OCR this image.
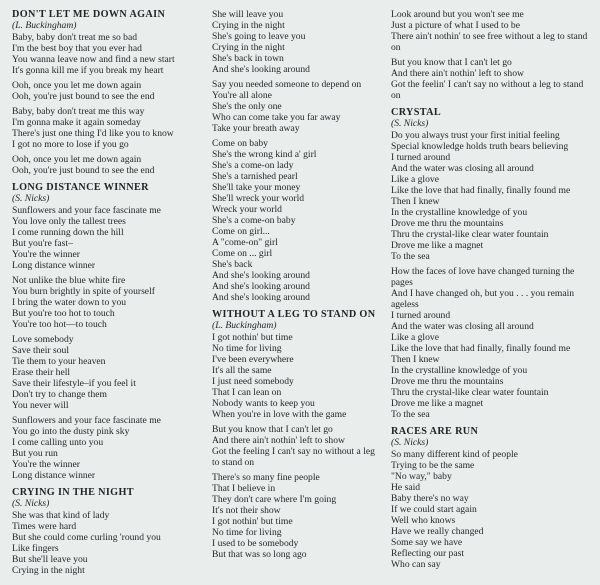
DON'T LET ME DOWN AGAIN
(L. Buckingham)
Baby, baby don't treat me so bad
I'm the best boy that you ever had
You wanna leave now and find a new start
It's gonna kill me if you break my heart
Ooh, once you let me down again
Ooh, you're just bound to see the end
Baby, baby don't treat me this way
I'm gonna make it again someday
There's just one thing I'd like you to know
I got no more to lose if you go
Ooh, once you let me down again
Ooh, you're just bound to see the end
LONG DISTANCE WINNER
(S. Nicks)
Sunflowers and your face fascinate me
You love only the tallest trees
I come running down the hill
But you're fast–
You're the winner
Long distance winner
Not unlike the blue white fire
You burn brightly in spite of yourself
I bring the water down to you
But you're too hot to touch
You're too hot—to touch
Love somebody
Save their soul
Tie them to your heaven
Erase their hell
Save their lifestyle–if you feel it
Don't try to change them
You never will
Sunflowers and your face fascinate me
You go into the dusty pink sky
I come calling unto you
But you run
You're the winner
Long distance winner
CRYING IN THE NIGHT
(S. Nicks)
She was that kind of lady
Times were hard
But she could come curling 'round you
Like fingers
But she'll leave you
Crying in the night
She will leave you
Crying in the night
She's going to leave you
Crying in the night
She's back in town
And she's looking around
Say you needed someone to depend on
You're all alone
She's the only one
Who can come take you far away
Take your breath away
Come on baby
She's the wrong kind a' girl
She's a come-on lady
She's a tarnished pearl
She'll take your money
She'll wreck your world
Wreck your world
She's a come-on baby
Come on girl...
A "come-on" girl
Come on ... girl
She's back
And she's looking around
And she's looking around
And she's looking around
WITHOUT A LEG TO STAND ON
(L. Buckingham)
I got nothin' but time
No time for living
I've been everywhere
It's all the same
I just need somebody
That I can lean on
Nobody wants to keep you
When you're in love with the game
But you know that I can't let go
And there ain't nothin' left to show
Got the feeling I can't say no without a leg to stand on
There's so many fine people
That I believe in
They don't care where I'm going
It's not their show
I got nothin' but time
No time for living
I used to be somebody
But that was so long ago
Look around but you won't see me
Just a picture of what I used to be
There ain't nothin' to see free without a leg to stand on
But you know that I can't let go
And there ain't nothin' left to show
Got the feelin' I can't say no without a leg to stand on
CRYSTAL
(S. Nicks)
Do you always trust your first initial feeling
Special knowledge holds truth bears believing
I turned around
And the water was closing all around
Like a glove
Like the love that had finally, finally found me
Then I knew
In the crystalline knowledge of you
Drove me thru the mountains
Thru the crystal-like clear water fountain
Drove me like a magnet
To the sea
How the faces of love have changed turning the pages
And I have changed oh, but you . . . you remain ageless
I turned around
And the water was closing all around
Like a glove
Like the love that had finally, finally found me
Then I knew
In the crystalline knowledge of you
Drove me thru the mountains
Thru the crystal-like clear water fountain
Drove me like a magnet
To the sea
RACES ARE RUN
(S. Nicks)
So many different kind of people
Trying to be the same
"No way," baby
He said
Baby there's no way
If we could start again
Well who knows
Have we really changed
Some say we have
Reflecting our past
Who can say
